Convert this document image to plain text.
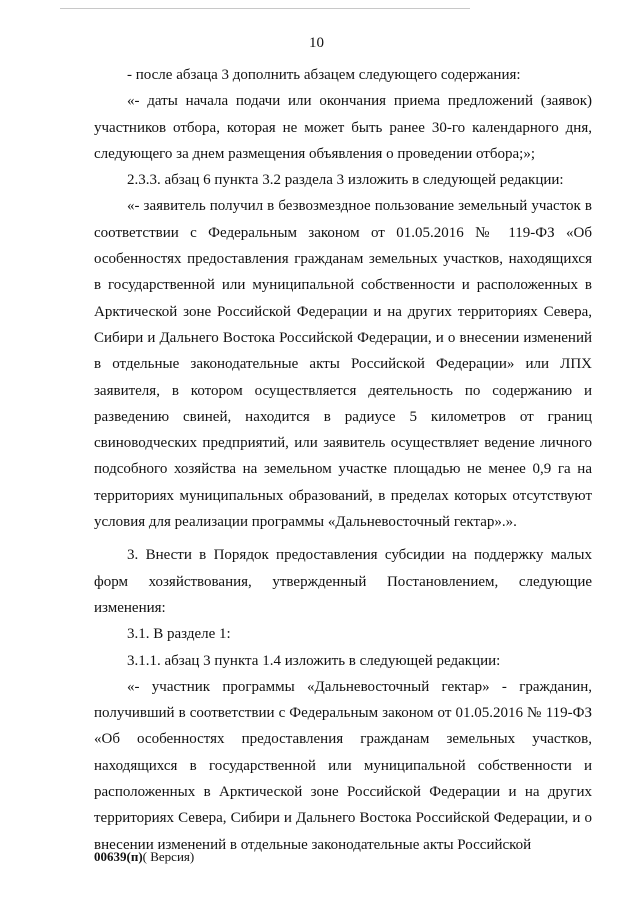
10

- после абзаца 3 дополнить абзацем следующего содержания:

«- даты начала подачи или окончания приема предложений (заявок) участников отбора, которая не может быть ранее 30-го календарного дня, следующего за днем размещения объявления о проведении отбора;»;

2.3.3. абзац 6 пункта 3.2 раздела 3 изложить в следующей редакции:

«- заявитель получил в безвозмездное пользование земельный участок в соответствии с Федеральным законом от 01.05.2016 № 119-ФЗ «Об особенностях предоставления гражданам земельных участков, находящихся в государственной или муниципальной собственности и расположенных в Арктической зоне Российской Федерации и на других территориях Севера, Сибири и Дальнего Востока Российской Федерации, и о внесении изменений в отдельные законодательные акты Российской Федерации» или ЛПХ заявителя, в котором осуществляется деятельность по содержанию и разведению свиней, находится в радиусе 5 километров от границ свиноводческих предприятий, или заявитель осуществляет ведение личного подсобного хозяйства на земельном участке площадью не менее 0,9 га на территориях муниципальных образований, в пределах которых отсутствуют условия для реализации программы «Дальневосточный гектар».».

3. Внести в Порядок предоставления субсидии на поддержку малых форм хозяйствования, утвержденный Постановлением, следующие изменения:

3.1. В разделе 1:

3.1.1. абзац 3 пункта 1.4 изложить в следующей редакции:

«- участник программы «Дальневосточный гектар» - гражданин, получивший в соответствии с Федеральным законом от 01.05.2016 № 119-ФЗ «Об особенностях предоставления гражданам земельных участков, находящихся в государственной или муниципальной собственности и расположенных в Арктической зоне Российской Федерации и на других территориях Севера, Сибири и Дальнего Востока Российской Федерации, и о внесении изменений в отдельные законодательные акты Российской

00639(п)( Версия)
